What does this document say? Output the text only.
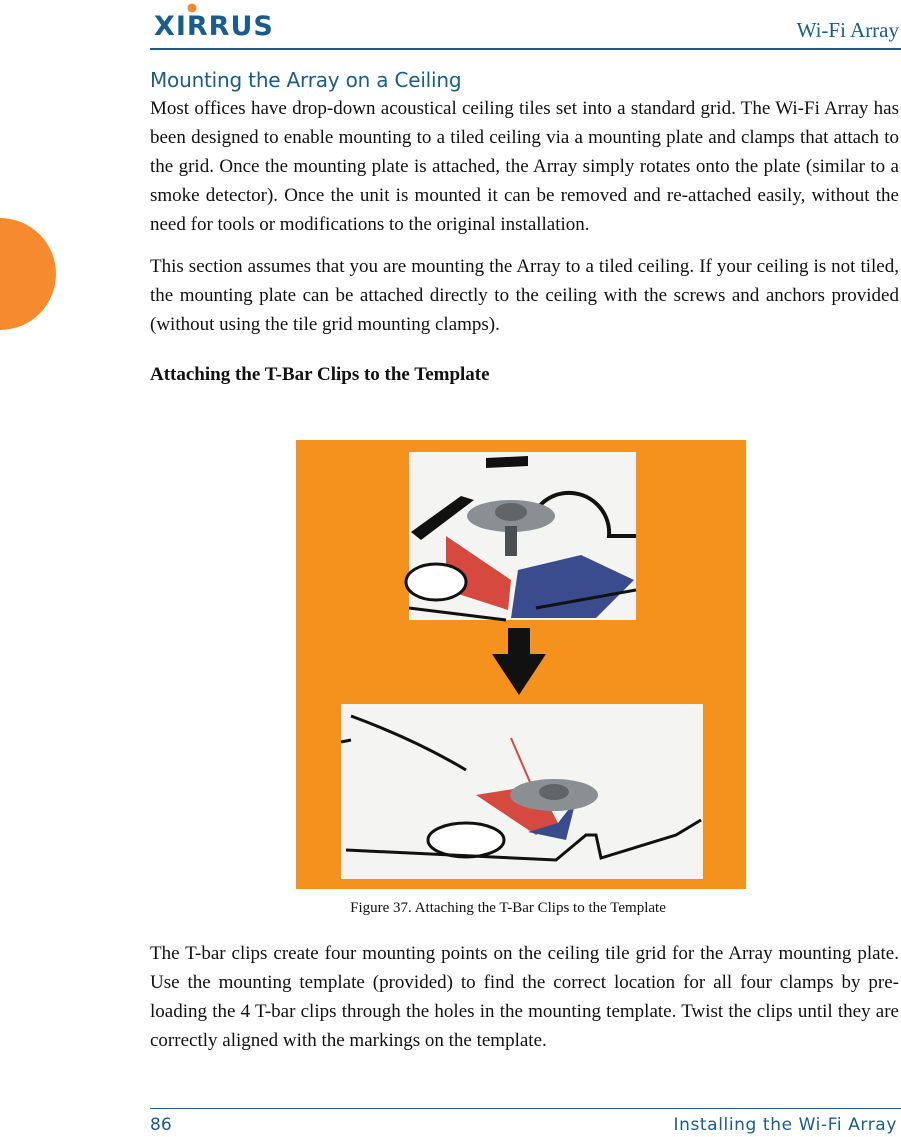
XIRRUS	Wi-Fi Array
Mounting the Array on a Ceiling

Most offices have drop-down acoustical ceiling tiles set into a standard grid. The Wi-Fi Array has been designed to enable mounting to a tiled ceiling via a mounting plate and clamps that attach to the grid. Once the mounting plate is attached, the Array simply rotates onto the plate (similar to a smoke detector). Once the unit is mounted it can be removed and re-attached easily, without the need for tools or modifications to the original installation.

This section assumes that you are mounting the Array to a tiled ceiling. If your ceiling is not tiled, the mounting plate can be attached directly to the ceiling with the screws and anchors provided (without using the tile grid mounting clamps).

Attaching the T-Bar Clips to the Template
Figure 37. Attaching the T-Bar Clips to the Template

The T-bar clips create four mounting points on the ceiling tile grid for the Array mounting plate. Use the mounting template (provided) to find the correct location for all four clamps by pre-loading the 4 T-bar clips through the holes in the mounting template. Twist the clips until they are correctly aligned with the markings on the template.

86	Installing the Wi-Fi Array
